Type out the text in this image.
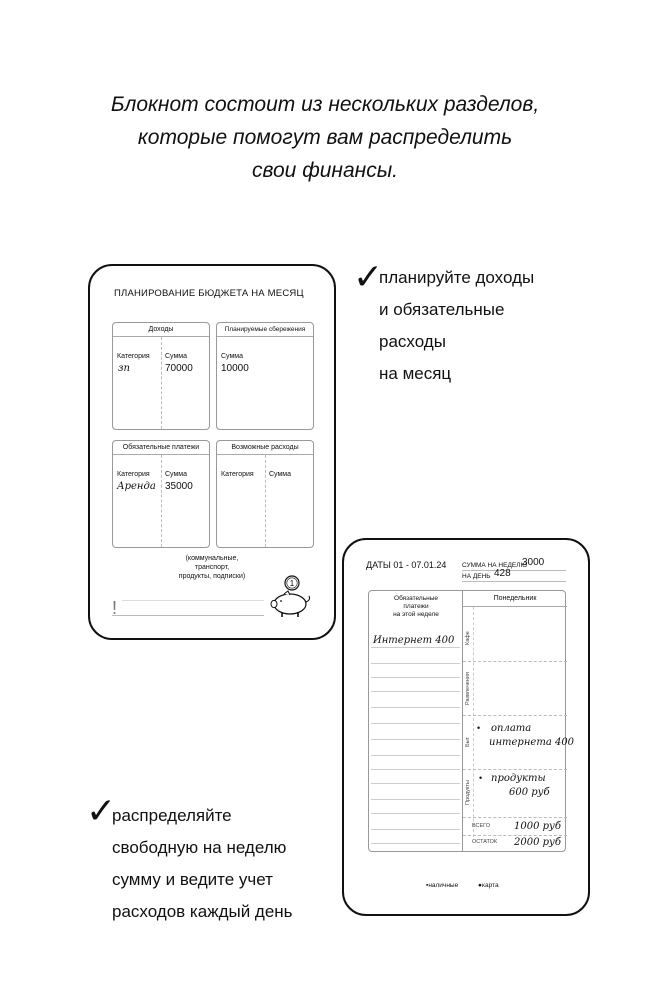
Блокнот состоит из нескольких разделов,
которые помогут вам распределить
свои финансы.
✓
планируйте доходы
и обязательные
расходы
на месяц
✓
распределяйте
свободную на неделю
сумму и ведите учет
расходов каждый день
ПЛАНИРОВАНИЕ БЮДЖЕТА НА МЕСЯЦ
Доходы
Категория Сумма
зп	70000
Планируемые сбережения
Сумма
10000
Обязательные платежи
Категория Сумма
Аренда 35000
Возможные расходы
Категория Сумма
(коммунальные,
транспорт,
продукты, подписки)
!
1
ДАТЫ 01 - 07.01.24 СУММА НА НЕДЕЛЮ
3000
НА ДЕНЬ 428
Обязательные
платежи
на этой неделе
Интернет 400
Понедельник
Кафе
Развлечения
Быт
Продукты
• оплата
интернета 400
• продукты
600 руб
ВСЕГО 1000 руб
ОСТАТОК 2000 руб
▪наличные	●карта
